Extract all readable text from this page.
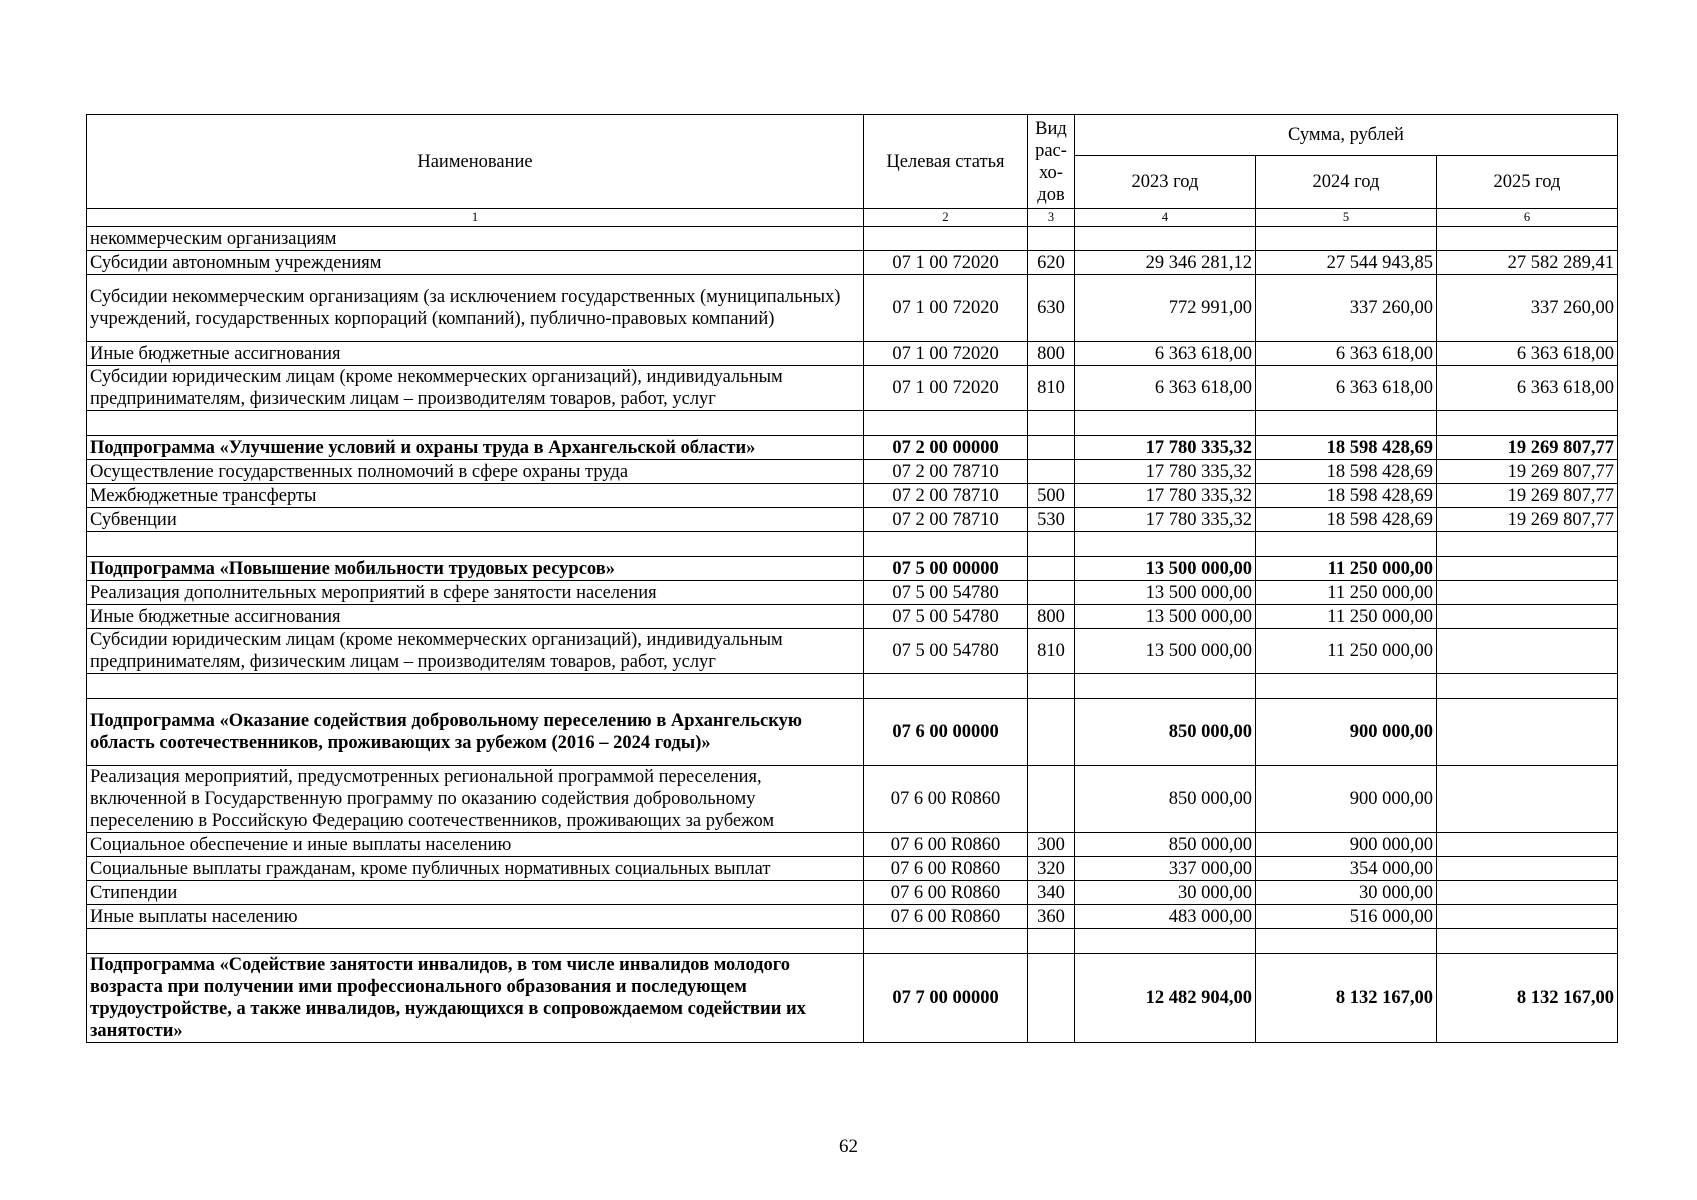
Наименование	Целевая статья	Вид
рас-
хо-
дов	Сумма, рублей		
			2023 год	2024 год	2025 год
1	2	3	4	5	6
некоммерческим организациям					
Субсидии автономным учреждениям	07 1 00 72020	620	29 346 281,12	27 544 943,85	27 582 289,41
Субсидии некоммерческим организациям (за исключением государственных (муниципальных) учреждений, государственных корпораций (компаний), публично-правовых компаний)	07 1 00 72020	630	772 991,00	337 260,00	337 260,00
Иные бюджетные ассигнования	07 1 00 72020	800	6 363 618,00	6 363 618,00	6 363 618,00
Субсидии юридическим лицам (кроме некоммерческих организаций), индивидуальным предпринимателям, физическим лицам – производителям товаров, работ, услуг	07 1 00 72020	810	6 363 618,00	6 363 618,00	6 363 618,00

Подпрограмма «Улучшение условий и охраны труда в Архангельской области»	07 2 00 00000		17 780 335,32	18 598 428,69	19 269 807,77
Осуществление государственных полномочий в сфере охраны труда	07 2 00 78710		17 780 335,32	18 598 428,69	19 269 807,77
Межбюджетные трансферты	07 2 00 78710	500	17 780 335,32	18 598 428,69	19 269 807,77
Субвенции	07 2 00 78710	530	17 780 335,32	18 598 428,69	19 269 807,77

Подпрограмма «Повышение мобильности трудовых ресурсов»	07 5 00 00000		13 500 000,00	11 250 000,00	
Реализация дополнительных мероприятий в сфере занятости населения	07 5 00 54780		13 500 000,00	11 250 000,00	
Иные бюджетные ассигнования	07 5 00 54780	800	13 500 000,00	11 250 000,00	
Субсидии юридическим лицам (кроме некоммерческих организаций), индивидуальным предпринимателям, физическим лицам – производителям товаров, работ, услуг	07 5 00 54780	810	13 500 000,00	11 250 000,00	

Подпрограмма «Оказание содействия добровольному переселению в Архангельскую область соотечественников, проживающих за рубежом (2016 – 2024 годы)»	07 6 00 00000		850 000,00	900 000,00	
Реализация мероприятий, предусмотренных региональной программой переселения, включенной в Государственную программу по оказанию содействия добровольному переселению в Российскую Федерацию соотечественников, проживающих за рубежом	07 6 00 R0860		850 000,00	900 000,00	
Социальное обеспечение и иные выплаты населению	07 6 00 R0860	300	850 000,00	900 000,00	
Социальные выплаты гражданам, кроме публичных нормативных социальных выплат	07 6 00 R0860	320	337 000,00	354 000,00	
Стипендии	07 6 00 R0860	340	30 000,00	30 000,00	
Иные выплаты населению	07 6 00 R0860	360	483 000,00	516 000,00	

Подпрограмма «Содействие занятости инвалидов, в том числе инвалидов молодого возраста при получении ими профессионального образования и последующем трудоустройстве, а также инвалидов, нуждающихся в сопровождаемом содействии их занятости»	07 7 00 00000		12 482 904,00	8 132 167,00	8 132 167,00
62
